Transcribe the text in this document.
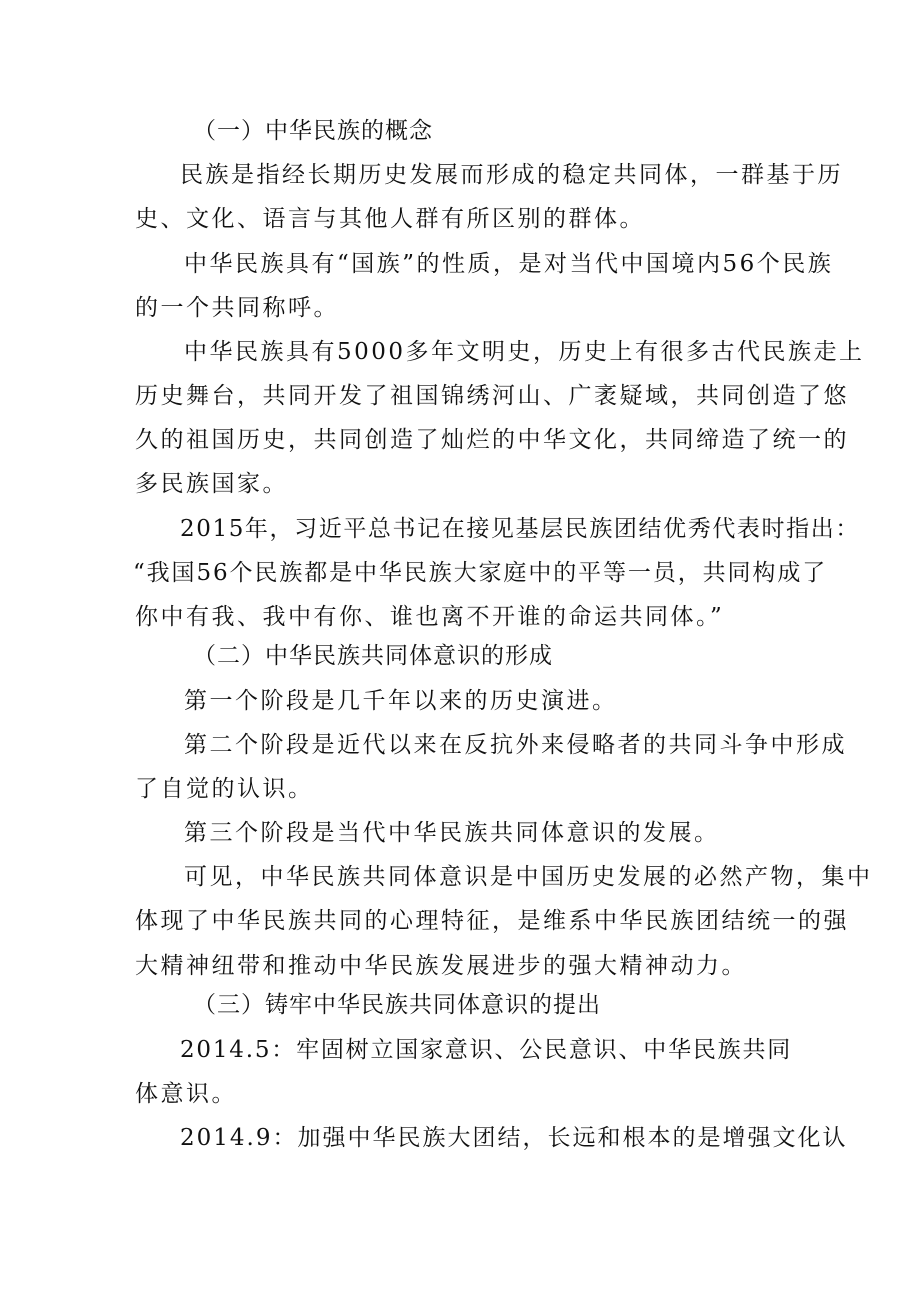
（一）中华民族的概念
民族是指经长期历史发展而形成的稳定共同体，一群基于历
史、文化、语言与其他人群有所区别的群体。
中华民族具有“国族”的性质，是对当代中国境内56个民族
的一个共同称呼。
中华民族具有5000多年文明史，历史上有很多古代民族走上
历史舞台，共同开发了祖国锦绣河山、广袤疑域，共同创造了悠
久的祖国历史，共同创造了灿烂的中华文化，共同缔造了统一的
多民族国家。
2015年，习近平总书记在接见基层民族团结优秀代表时指出：
“我国56个民族都是中华民族大家庭中的平等一员，共同构成了
你中有我、我中有你、谁也离不开谁的命运共同体。”
（二）中华民族共同体意识的形成
第一个阶段是几千年以来的历史演进。
第二个阶段是近代以来在反抗外来侵略者的共同斗争中形成
了自觉的认识。
第三个阶段是当代中华民族共同体意识的发展。
可见，中华民族共同体意识是中国历史发展的必然产物，集中
体现了中华民族共同的心理特征，是维系中华民族团结统一的强
大精神纽带和推动中华民族发展进步的强大精神动力。
（三）铸牢中华民族共同体意识的提出
2014.5：牢固树立国家意识、公民意识、中华民族共同
体意识。
2014.9：加强中华民族大团结，长远和根本的是增强文化认
